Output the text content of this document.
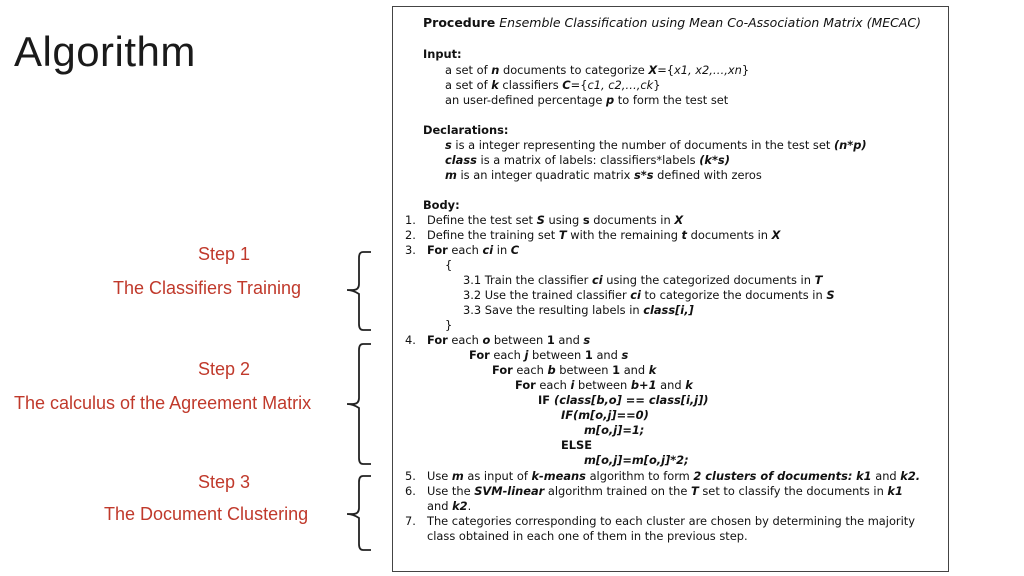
Algorithm
Step 1
The Classifiers Training
Step 2
The calculus of the Agreement Matrix
Step 3
The Document Clustering
Procedure Ensemble Classification using Mean Co-Association Matrix (MECAC)
Input:
a set of n documents to categorize X={x1, x2,…,xn}
a set of k classifiers C={c1, c2,…,ck}
an user-defined percentage p to form the test set
Declarations:
s is a integer representing the number of documents in the test set (n*p)
class is a matrix of labels: classifiers*labels (k*s)
m is an integer quadratic matrix s*s defined with zeros
Body:
1. Define the test set S using s documents in X
2. Define the training set T with the remaining t documents in X
3. For each ci in C
{
3.1 Train the classifier ci using the categorized documents in T
3.2 Use the trained classifier ci to categorize the documents in S
3.3 Save the resulting labels in class[i,]
}
4. For each o between 1 and s
For each j between 1 and s
For each b between 1 and k
For each i between b+1 and k
IF (class[b,o] == class[i,j])
IF(m[o,j]==0)
m[o,j]=1;
ELSE
m[o,j]=m[o,j]*2;
5. Use m as input of k-means algorithm to form 2 clusters of documents: k1 and k2.
6. Use the SVM-linear algorithm trained on the T set to classify the documents in k1
and k2.
7. The categories corresponding to each cluster are chosen by determining the majority
class obtained in each one of them in the previous step.
